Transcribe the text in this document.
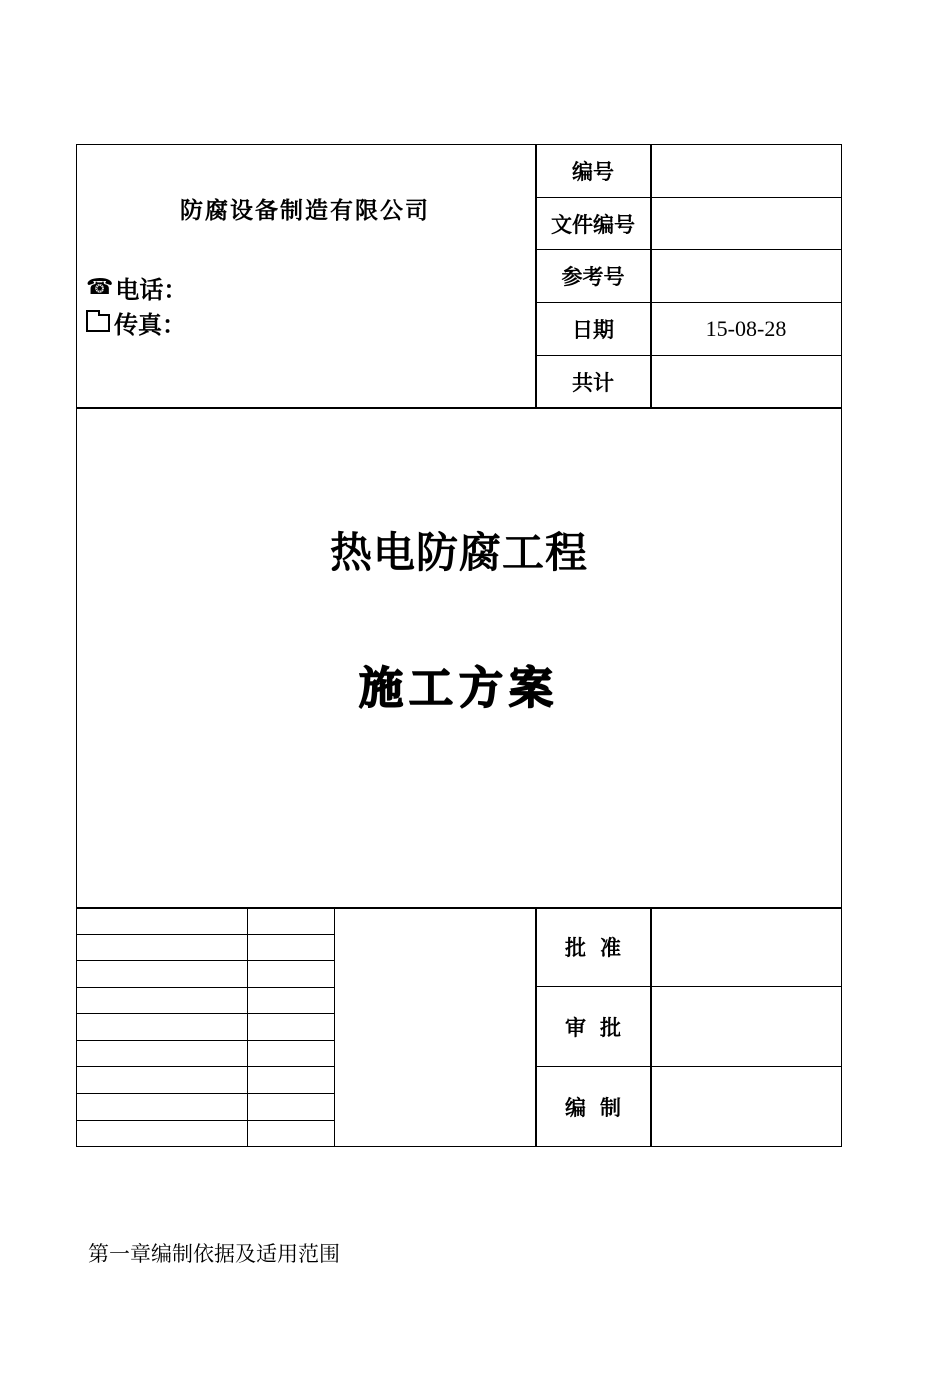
防腐设备制造有限公司
☎ 电话：
传真：
编号
文件编号
参考号
日期	15-08-28
共计
热电防腐工程
施工方案
批准
审批
编制
第一章编制依据及适用范围
